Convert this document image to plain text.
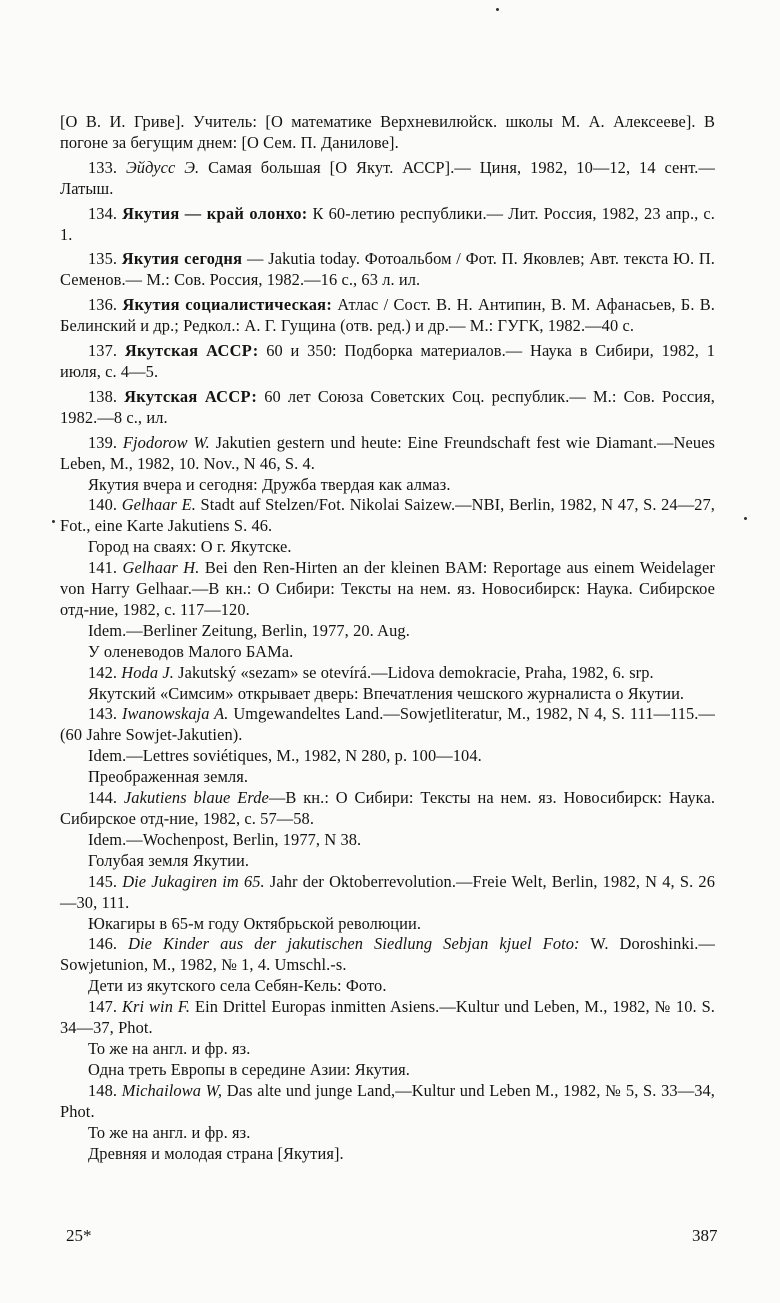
[О В. И. Гриве]. Учитель: [О математике Верхневилюйск. школы М. А. Алексееве]. В погоне за бегущим днем: [О Сем. П. Данилове].

133. Эйдусс Э. Самая большая [О Якут. АССР].— Циня, 1982, 10—12, 14 сент.— Латыш.

134. Якутия — край олонхо: К 60-летию республики.— Лит. Россия, 1982, 23 апр., с. 1.

135. Якутия сегодня — Jakutia today. Фотоальбом / Фот. П. Яковлев; Авт. текста Ю. П. Семенов.— М.: Сов. Россия, 1982.—16 с., 63 л. ил.

136. Якутия социалистическая: Атлас / Сост. В. Н. Антипин, В. М. Афанасьев, Б. В. Белинский и др.; Редкол.: А. Г. Гущина (отв. ред.) и др.— М.: ГУГК, 1982.—40 с.

137. Якутская АССР: 60 и 350: Подборка материалов.— Наука в Сибири, 1982, 1 июля, с. 4—5.

138. Якутская АССР: 60 лет Союза Советских Соц. республик.— М.: Сов. Россия, 1982.—8 с., ил.

139. Fjodorow W. Jakutien gestern und heute: Eine Freundschaft fest wie Diamant.—Neues Leben, M., 1982, 10. Nov., N 46, S. 4.

Якутия вчера и сегодня: Дружба твердая как алмаз.

140. Gelhaar E. Stadt auf Stelzen/Fot. Nikolai Saizew.—NBI, Berlin, 1982, N 47, S. 24—27, Fot., eine Karte Jakutiens S. 46.

Город на сваях: О г. Якутске.

141. Gelhaar H. Bei den Ren-Hirten an der kleinen BAM: Reportage aus einem Weidelager von Harry Gelhaar.—В кн.: О Сибири: Тексты на нем. яз. Новосибирск: Наука. Сибирское отд-ние, 1982, с. 117—120.

Idem.—Berliner Zeitung, Berlin, 1977, 20. Aug.

У оленеводов Малого БАМа.

142. Hoda J. Jakutský «sezam» se otevírá.—Lidova demokracie, Praha, 1982, 6. srp.

Якутский «Симсим» открывает дверь: Впечатления чешского журналиста о Якутии.

143. Iwanowskaja A. Umgewandeltes Land.—Sowjetliteratur, M., 1982, N 4, S. 111—115.—(60 Jahre Sowjet-Jakutien).

Idem.—Lettres soviétiques, M., 1982, N 280, p. 100—104.

Преображенная земля.

144. Jakutiens blaue Erde—В кн.: О Сибири: Тексты на нем. яз. Новосибирск: Наука. Сибирское отд-ние, 1982, с. 57—58.

Idem.—Wochenpost, Berlin, 1977, N 38.

Голубая земля Якутии.

145. Die Jukagiren im 65. Jahr der Oktoberrevolution.—Freie Welt, Berlin, 1982, N 4, S. 26—30, 111.

Юкагиры в 65-м году Октябрьской революции.

146. Die Kinder aus der jakutischen Siedlung Sebjan kjuel Foto: W. Doroshinki.—Sowjetunion, M., 1982, № 1, 4. Umschl.-s.

Дети из якутского села Себян-Кель: Фото.

147. Kri win F. Ein Drittel Europas inmitten Asiens.—Kultur und Leben, M., 1982, № 10. S. 34—37, Phot.

То же на англ. и фр. яз.

Одна треть Европы в середине Азии: Якутия.

148. Michailowa W, Das alte und junge Land,—Kultur und Leben M., 1982, № 5, S. 33—34, Phot.

То же на англ. и фр. яз.

Древняя и молодая страна [Якутия].

25*	387
